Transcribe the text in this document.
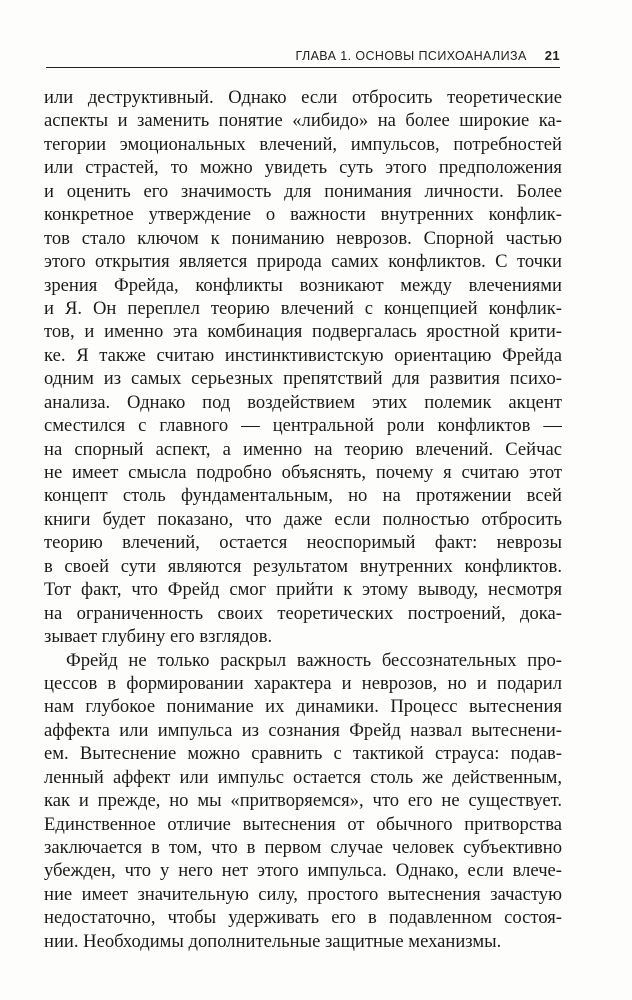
ГЛАВА 1. ОСНОВЫ ПСИХОАНАЛИЗА 21
или деструктивный. Однако если отбросить теоретические
аспекты и заменить понятие «либидо» на более широкие ка-
тегории эмоциональных влечений, импульсов, потребностей
или страстей, то можно увидеть суть этого предположения
и оценить его значимость для понимания личности. Более
конкретное утверждение о важности внутренних конфлик-
тов стало ключом к пониманию неврозов. Спорной частью
этого открытия является природа самих конфликтов. С точки
зрения Фрейда, конфликты возникают между влечениями
и Я. Он переплел теорию влечений с концепцией конфлик-
тов, и именно эта комбинация подвергалась яростной крити-
ке. Я также считаю инстинктивистскую ориентацию Фрейда
одним из самых серьезных препятствий для развития психо-
анализа. Однако под воздействием этих полемик акцент
сместился с главного — центральной роли конфликтов —
на спорный аспект, а именно на теорию влечений. Сейчас
не имеет смысла подробно объяснять, почему я считаю этот
концепт столь фундаментальным, но на протяжении всей
книги будет показано, что даже если полностью отбросить
теорию влечений, остается неоспоримый факт: неврозы
в своей сути являются результатом внутренних конфликтов.
Тот факт, что Фрейд смог прийти к этому выводу, несмотря
на ограниченность своих теоретических построений, дока-
зывает глубину его взглядов.
Фрейд не только раскрыл важность бессознательных про-
цессов в формировании характера и неврозов, но и подарил
нам глубокое понимание их динамики. Процесс вытеснения
аффекта или импульса из сознания Фрейд назвал вытеснени-
ем. Вытеснение можно сравнить с тактикой страуса: подав-
ленный аффект или импульс остается столь же действенным,
как и прежде, но мы «притворяемся», что его не существует.
Единственное отличие вытеснения от обычного притворства
заключается в том, что в первом случае человек субъективно
убежден, что у него нет этого импульса. Однако, если влече-
ние имеет значительную силу, простого вытеснения зачастую
недостаточно, чтобы удерживать его в подавленном состоя-
нии. Необходимы дополнительные защитные механизмы.
